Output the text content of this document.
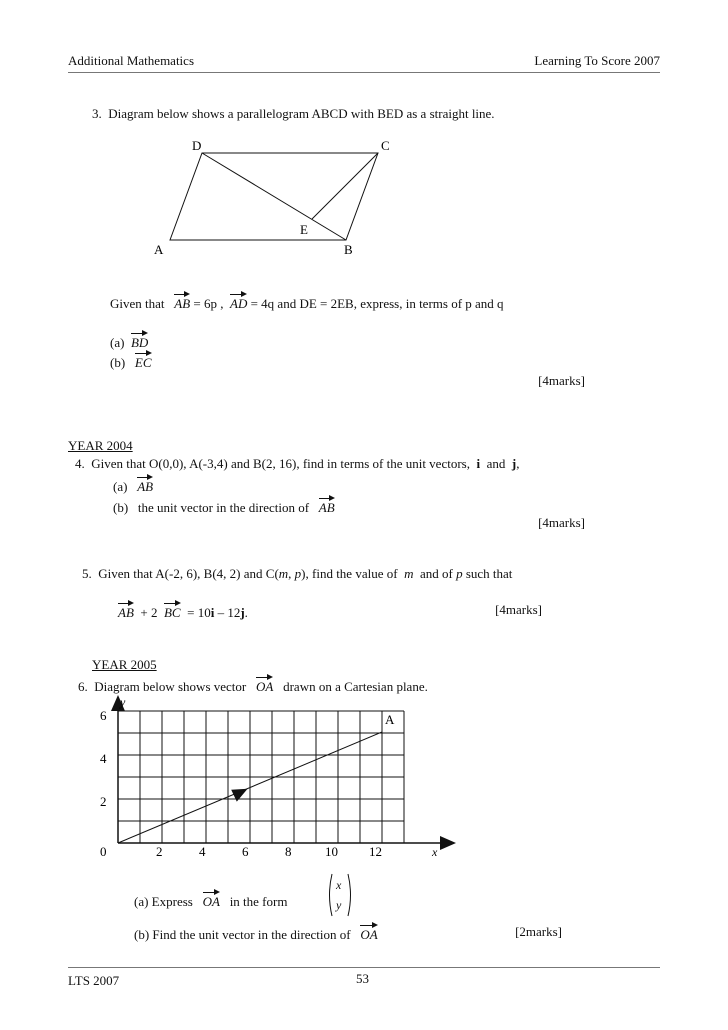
Additional Mathematics	Learning To Score 2007
3. Diagram below shows a parallelogram ABCD with BED as a straight line.
D	C
E
A	B
Given that AB = 6p , AD = 4q and DE = 2EB, express, in terms of p and q
(a) BD
(b) EC
[4marks]
YEAR 2004
4. Given that O(0,0), A(-3,4) and B(2, 16), find in terms of the unit vectors, i and j,
(a) AB
(b) the unit vector in the direction of AB
[4marks]
5. Given that A(-2, 6), B(4, 2) and C(m, p), find the value of m and of p such that
AB + 2 BC = 10i – 12j.	[4marks]
YEAR 2005
6. Diagram below shows vector OA drawn on a Cartesian plane.
y
A
6
4
2
0	2	4	6	8	10 12	x
(a) Express OA in the form
x
y
(b) Find the unit vector in the direction of OA	[2marks]
LTS 2007	53
